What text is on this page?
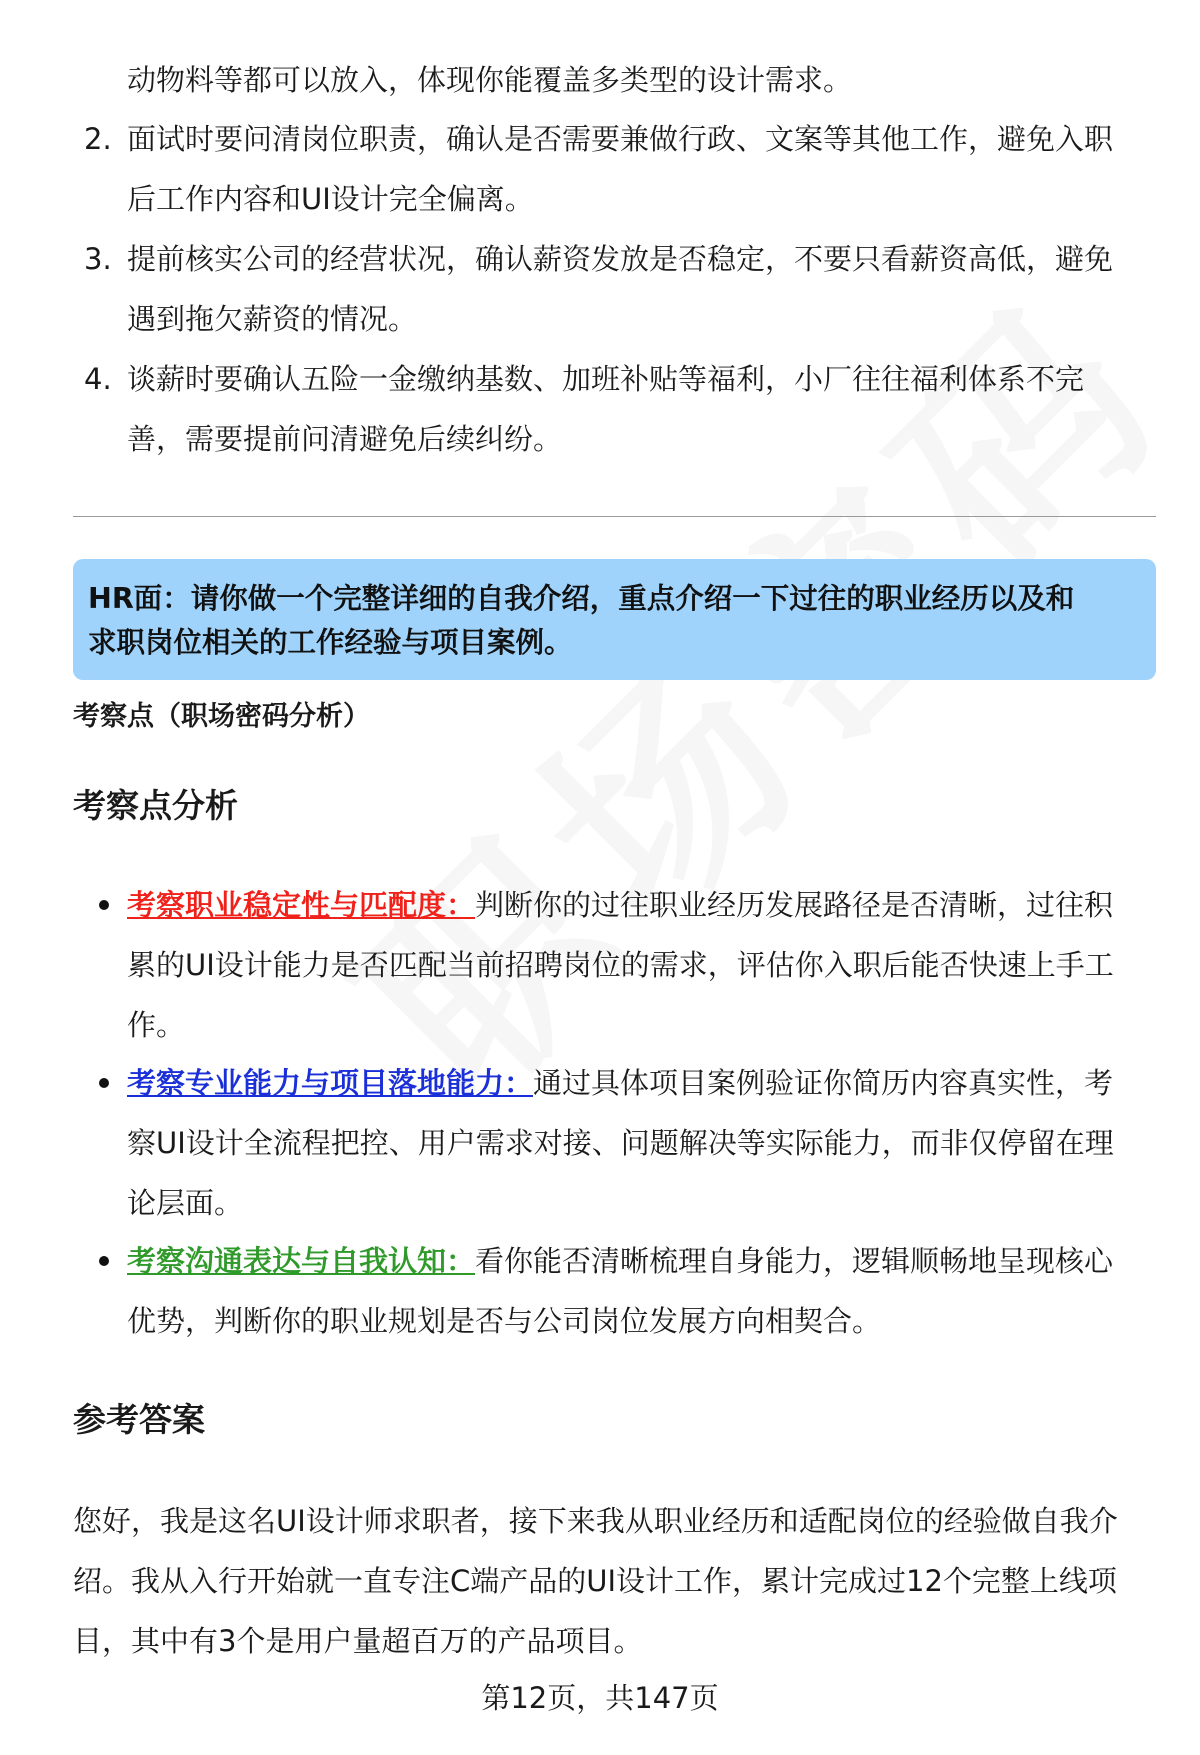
动物料等都可以放入，体现你能覆盖多类型的设计需求。
2. 面试时要问清岗位职责，确认是否需要兼做行政、文案等其他工作，避免入职
后工作内容和UI设计完全偏离。
3. 提前核实公司的经营状况，确认薪资发放是否稳定，不要只看薪资高低，避免
遇到拖欠薪资的情况。
4. 谈薪时要确认五险一金缴纳基数、加班补贴等福利，小厂往往福利体系不完
善，需要提前问清避免后续纠纷。
HR面：请你做一个完整详细的自我介绍，重点介绍一下过往的职业经历以及和
求职岗位相关的工作经验与项目案例。
考察点（职场密码分析）
考察点分析
考察职业稳定性与匹配度：判断你的过往职业经历发展路径是否清晰，过往积
累的UI设计能力是否匹配当前招聘岗位的需求，评估你入职后能否快速上手工
作。
考察专业能力与项目落地能力：通过具体项目案例验证你简历内容真实性，考
察UI设计全流程把控、用户需求对接、问题解决等实际能力，而非仅停留在理
论层面。
考察沟通表达与自我认知：看你能否清晰梳理自身能力，逻辑顺畅地呈现核心
优势，判断你的职业规划是否与公司岗位发展方向相契合。
参考答案
您好，我是这名UI设计师求职者，接下来我从职业经历和适配岗位的经验做自我介
绍。我从入行开始就一直专注C端产品的UI设计工作，累计完成过12个完整上线项
目，其中有3个是用户量超百万的产品项目。
第12页，共147页
